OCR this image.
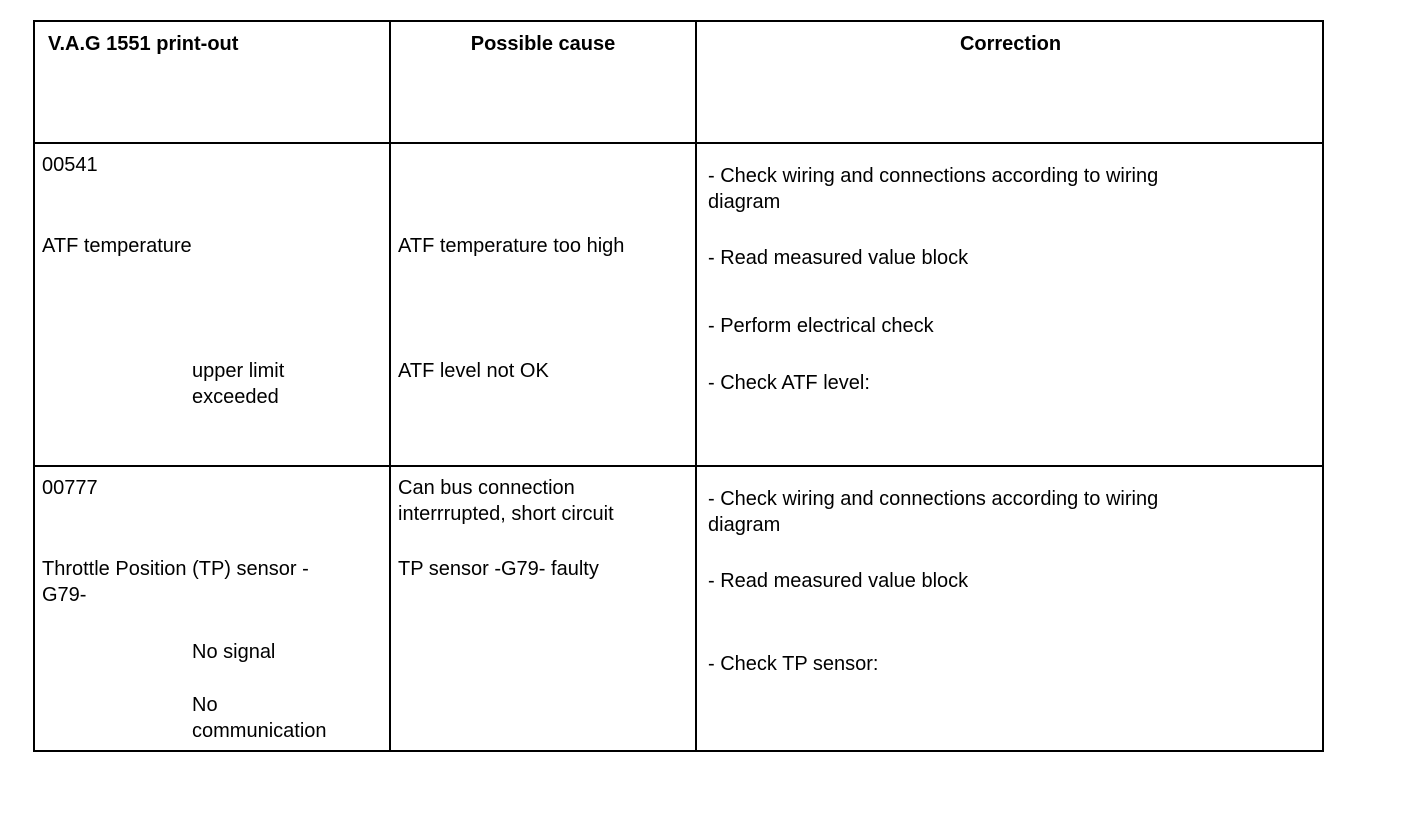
V.A.G 1551 print-out	Possible cause	Correction
00541
ATF temperature
upper limit
exceeded
ATF temperature too high
ATF level not OK
- Check wiring and connections according to wiring
diagram
- Read measured value block
- Perform electrical check
- Check ATF level:
00777
Throttle Position (TP) sensor -
G79-
No signal
No
communication
Can bus connection
interrrupted, short circuit
TP sensor -G79- faulty
- Check wiring and connections according to wiring
diagram
- Read measured value block
- Check TP sensor:
